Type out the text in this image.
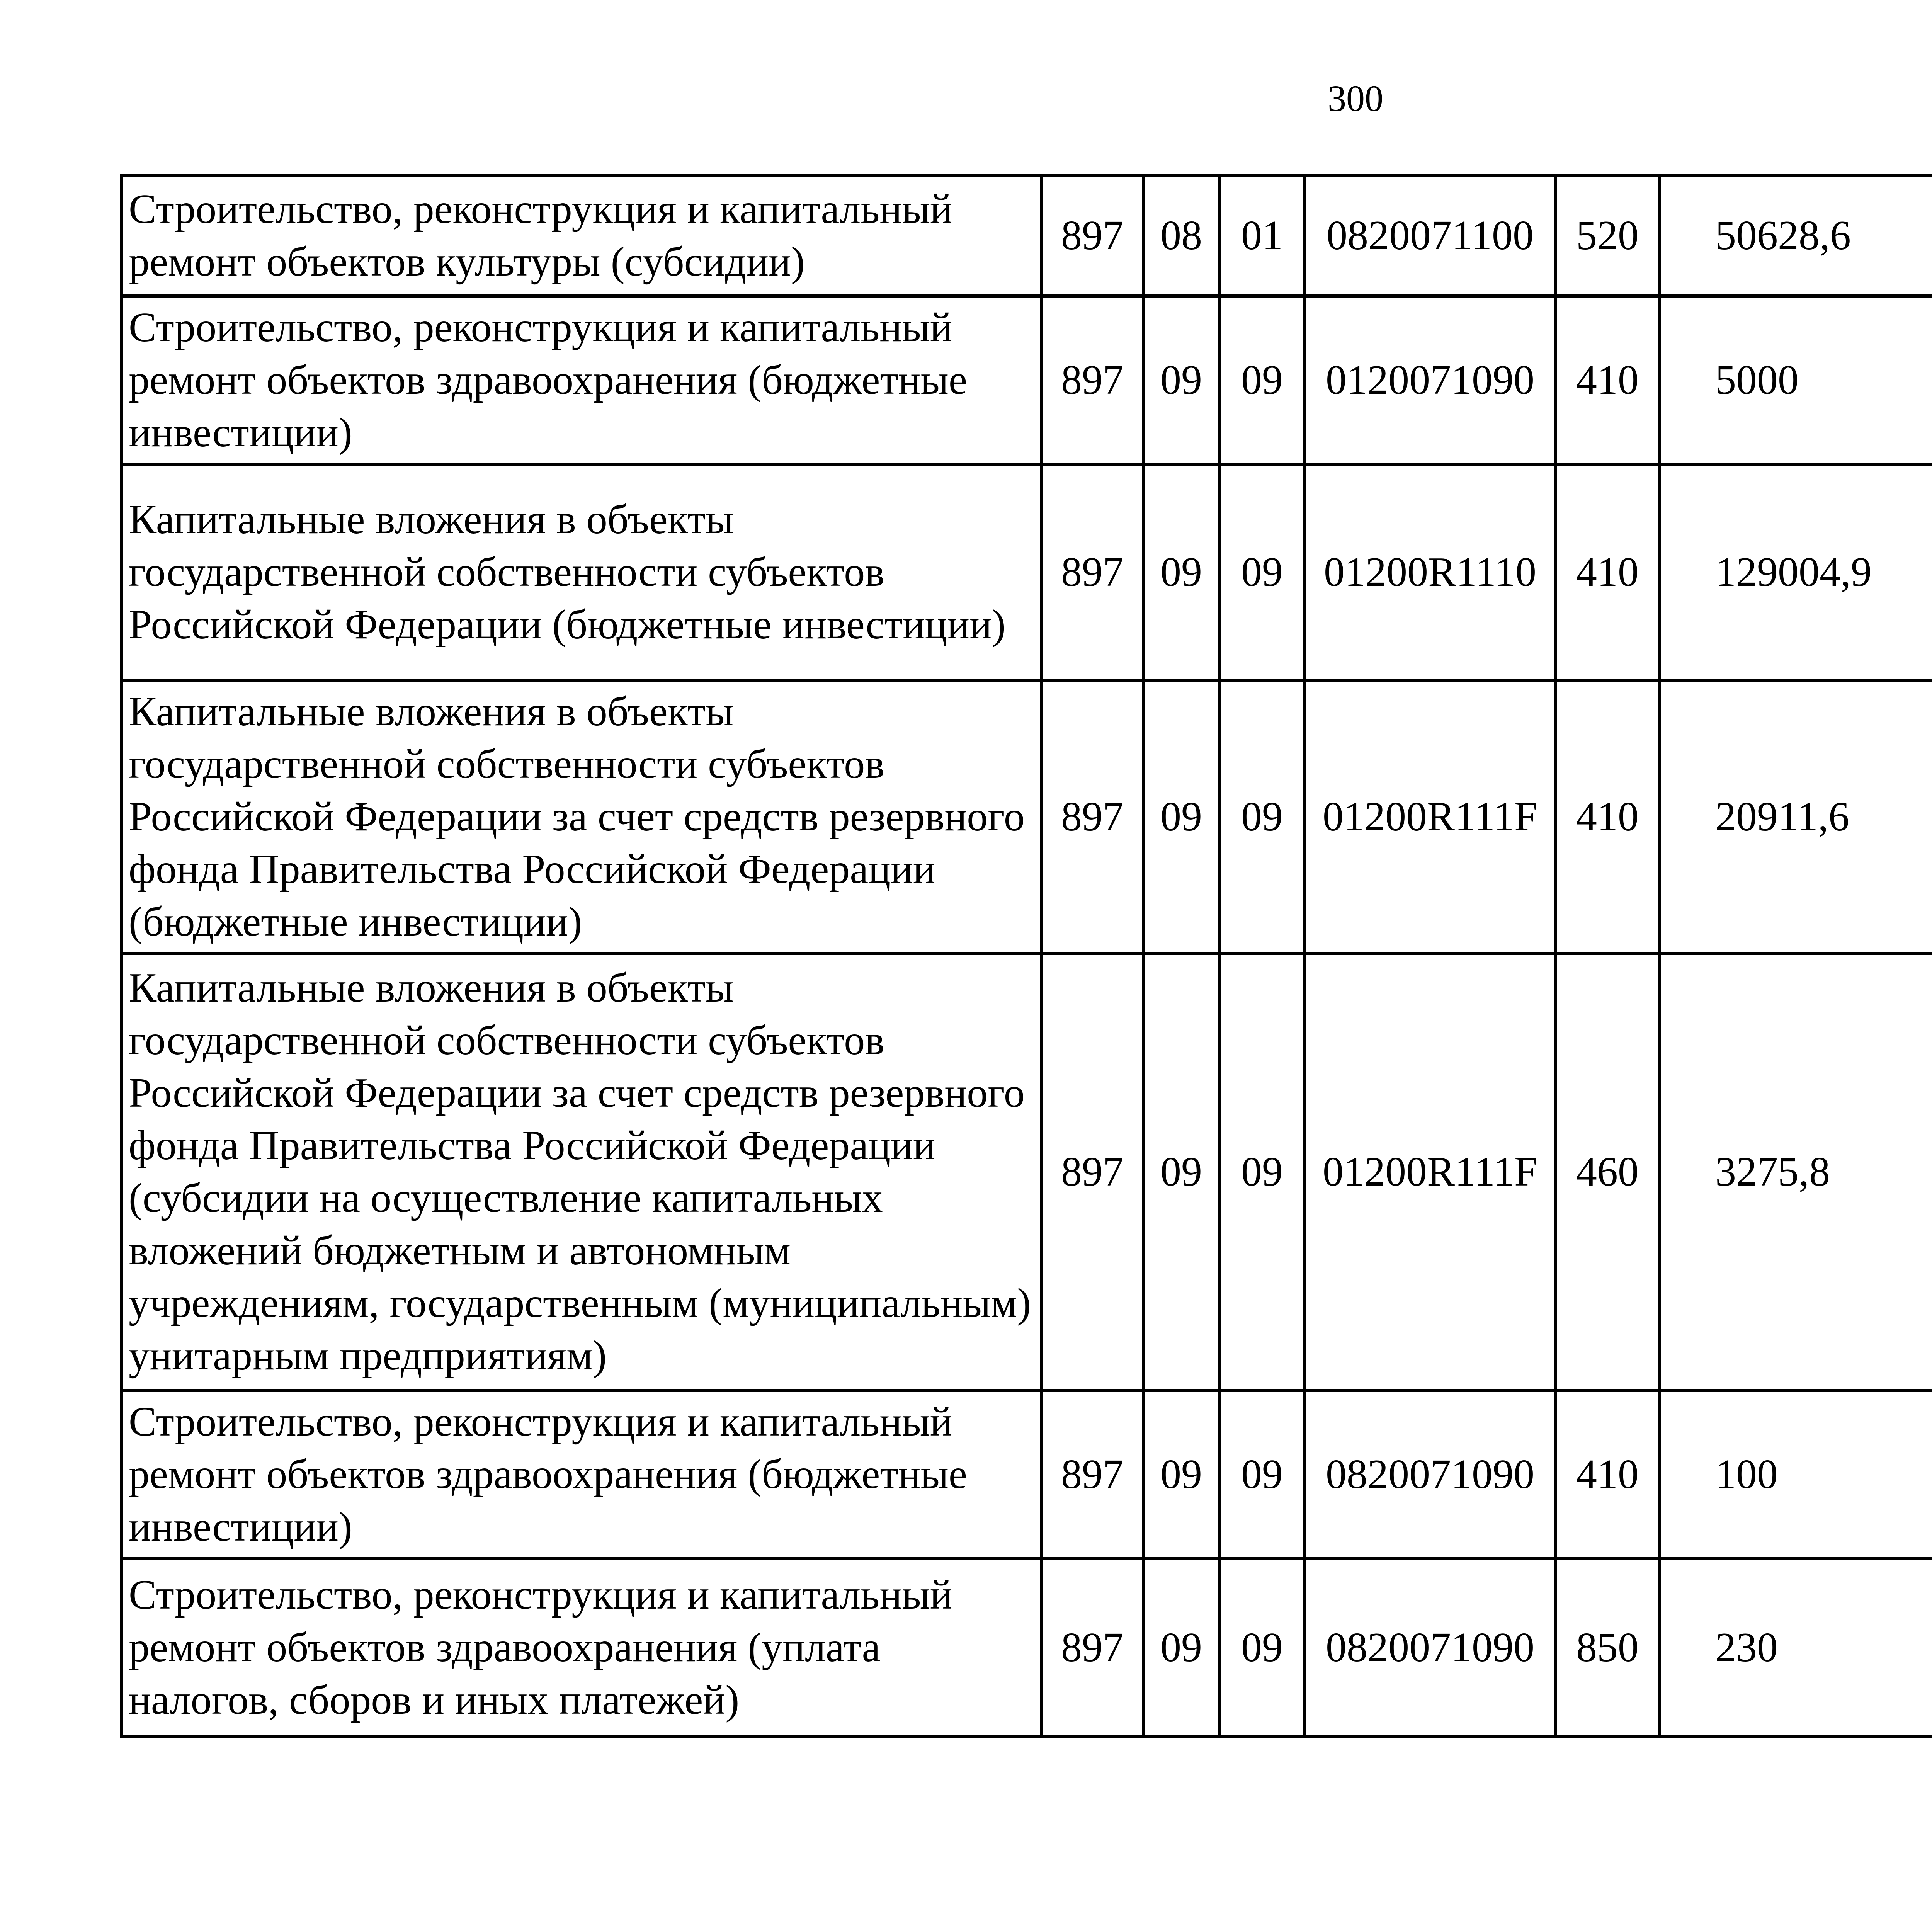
300
Строительство, реконструкция и капитальный ремонт объектов культуры (субсидии)	897	08	01	0820071100	520	50628,6		
Строительство, реконструкция и капитальный ремонт объектов здравоохранения (бюджетные инвестиции)	897	09	09	0120071090	410	5000		
Капитальные вложения в объекты государственной собственности субъектов Российской Федерации (бюджетные инвестиции)	897	09	09	01200R1110	410	129004,9		
Капитальные вложения в объекты государственной собственности субъектов Российской Федерации за счет средств резервного фонда Правительства Российской Федерации (бюджетные инвестиции)	897	09	09	01200R111F	410	20911,6		
Капитальные вложения в объекты государственной собственности субъектов Российской Федерации за счет средств резервного фонда Правительства Российской Федерации (субсидии на осуществление капитальных вложений бюджетным и автономным учреждениям, государственным (муниципальным) унитарным предприятиям)	897	09	09	01200R111F	460	3275,8		
Строительство, реконструкция и капитальный ремонт объектов здравоохранения (бюджетные инвестиции)	897	09	09	0820071090	410	100		
Строительство, реконструкция и капитальный ремонт объектов здравоохранения (уплата налогов, сборов и иных платежей)	897	09	09	0820071090	850	230		
